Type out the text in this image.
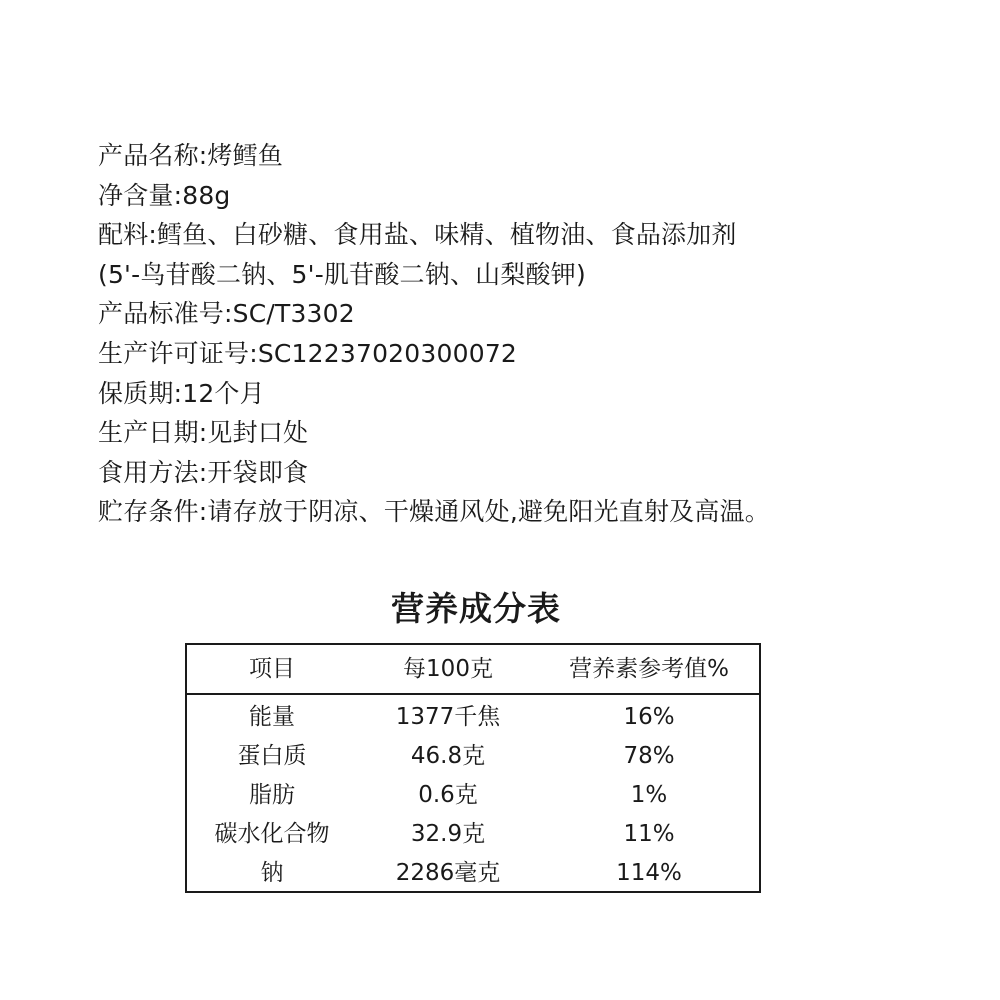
产品名称:烤鳕鱼
净含量:88g
配料:鳕鱼、白砂糖、食用盐、味精、植物油、食品添加剂
(5'-鸟苷酸二钠、5'-肌苷酸二钠、山梨酸钾)
产品标准号:SC/T3302
生产许可证号:SC12237020300072
保质期:12个月
生产日期:见封口处
食用方法:开袋即食
贮存条件:请存放于阴凉、干燥通风处,避免阳光直射及高温。
营养成分表
项目	每100克	营养素参考值%
能量	1377千焦	16%
蛋白质	46.8克	78%
脂肪	0.6克	1%
碳水化合物	32.9克	11%
钠	2286毫克	114%
